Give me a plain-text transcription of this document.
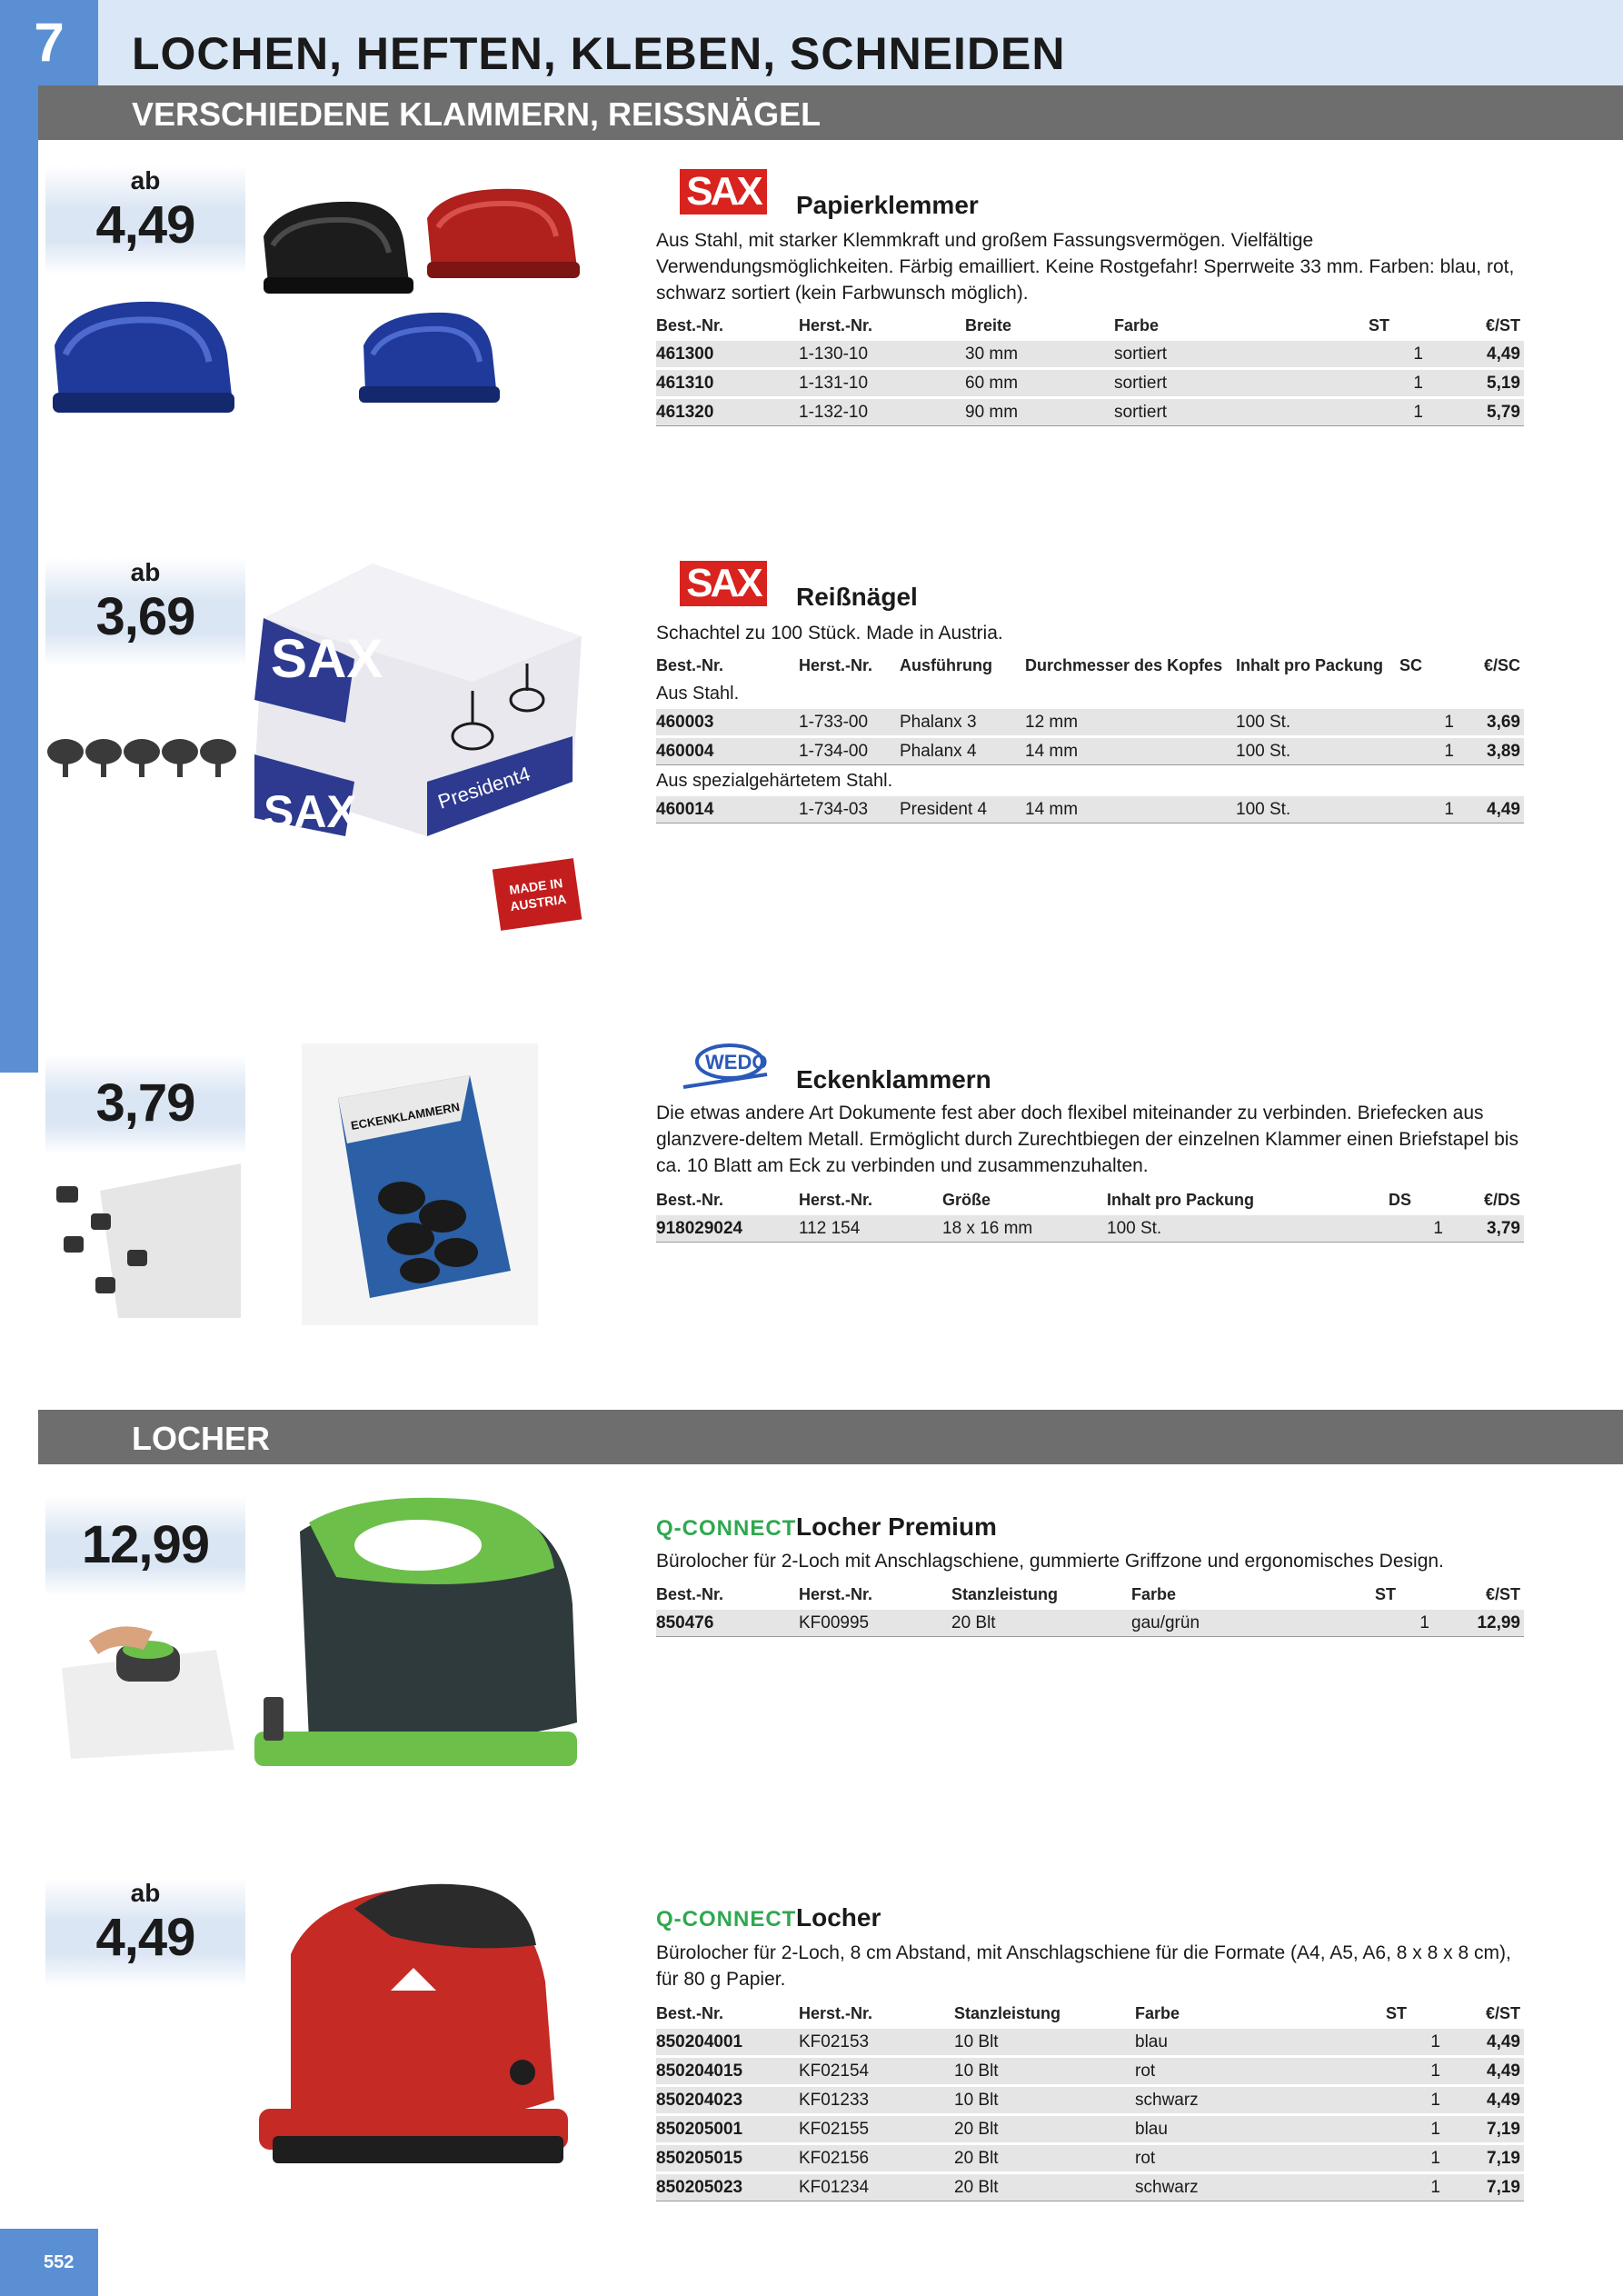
7	LOCHEN, HEFTEN, KLEBEN, SCHNEIDEN
VERSCHIEDENE KLAMMERN, REISSNÄGEL
ab
4,49
SAX Papierklemmer
Aus Stahl, mit starker Klemmkraft und großem Fassungsvermögen. Vielfältige Verwendungsmöglichkeiten. Färbig emailliert. Keine Rostgefahr! Sperrweite 33 mm. Farben: blau, rot, schwarz sortiert (kein Farbwunsch möglich).
Best.-Nr.	Herst.-Nr.	Breite	Farbe	ST	€/ST
461300	1-130-10	30 mm	sortiert	1	4,49
461310	1-131-10	60 mm	sortiert	1	5,19
461320	1-132-10	90 mm	sortiert	1	5,79
ab
3,69
SAX
President4
SAX
MADE IN AUSTRIA
SAX Reißnägel
Schachtel zu 100 Stück. Made in Austria.
Best.-Nr.	Herst.-Nr.	Ausführung	Durchmesser des Kopfes	Inhalt pro Packung	SC	€/SC
Aus Stahl.						
460003	1-733-00	Phalanx 3	12 mm	100 St.	1	3,69
460004	1-734-00	Phalanx 4	14 mm	100 St.	1	3,89
Aus spezialgehärtetem Stahl.						
460014	1-734-03	President 4	14 mm	100 St.	1	4,49
3,79	ECKENKLAMMERN
WEDO
Eckenklammern
Die etwas andere Art Dokumente fest aber doch flexibel miteinander zu verbinden. Briefecken aus glanzvere-deltem Metall. Ermöglicht durch Zurechtbiegen der einzelnen Klammer einen Briefstapel bis ca. 10 Blatt am Eck zu verbinden und zusammenzuhalten.
Best.-Nr.	Herst.-Nr.	Größe	Inhalt pro Packung	DS	€/DS
918029024	112 154	18 x 16 mm	100 St.	1	3,79
LOCHER
12,99	Q-CONNECT Locher Premium
Bürolocher für 2-Loch mit Anschlagschiene, gummierte Griffzone und ergonomisches Design.
Best.-Nr.	Herst.-Nr.	Stanzleistung	Farbe	ST	€/ST
850476	KF00995	20 Blt	gau/grün	1	12,99
ab
4,49	Q-CONNECT Locher
Bürolocher für 2-Loch, 8 cm Abstand, mit Anschlagschiene für die Formate (A4, A5, A6, 8 x 8 x 8 cm), für 80 g Papier.
Best.-Nr.	Herst.-Nr.	Stanzleistung	Farbe	ST	€/ST
850204001	KF02153	10 Blt	blau	1	4,49
850204015	KF02154	10 Blt	rot	1	4,49
850204023	KF01233	10 Blt	schwarz	1	4,49
850205001	KF02155	20 Blt	blau	1	7,19
850205015	KF02156	20 Blt	rot	1	7,19
850205023	KF01234	20 Blt	schwarz	1	7,19
552
